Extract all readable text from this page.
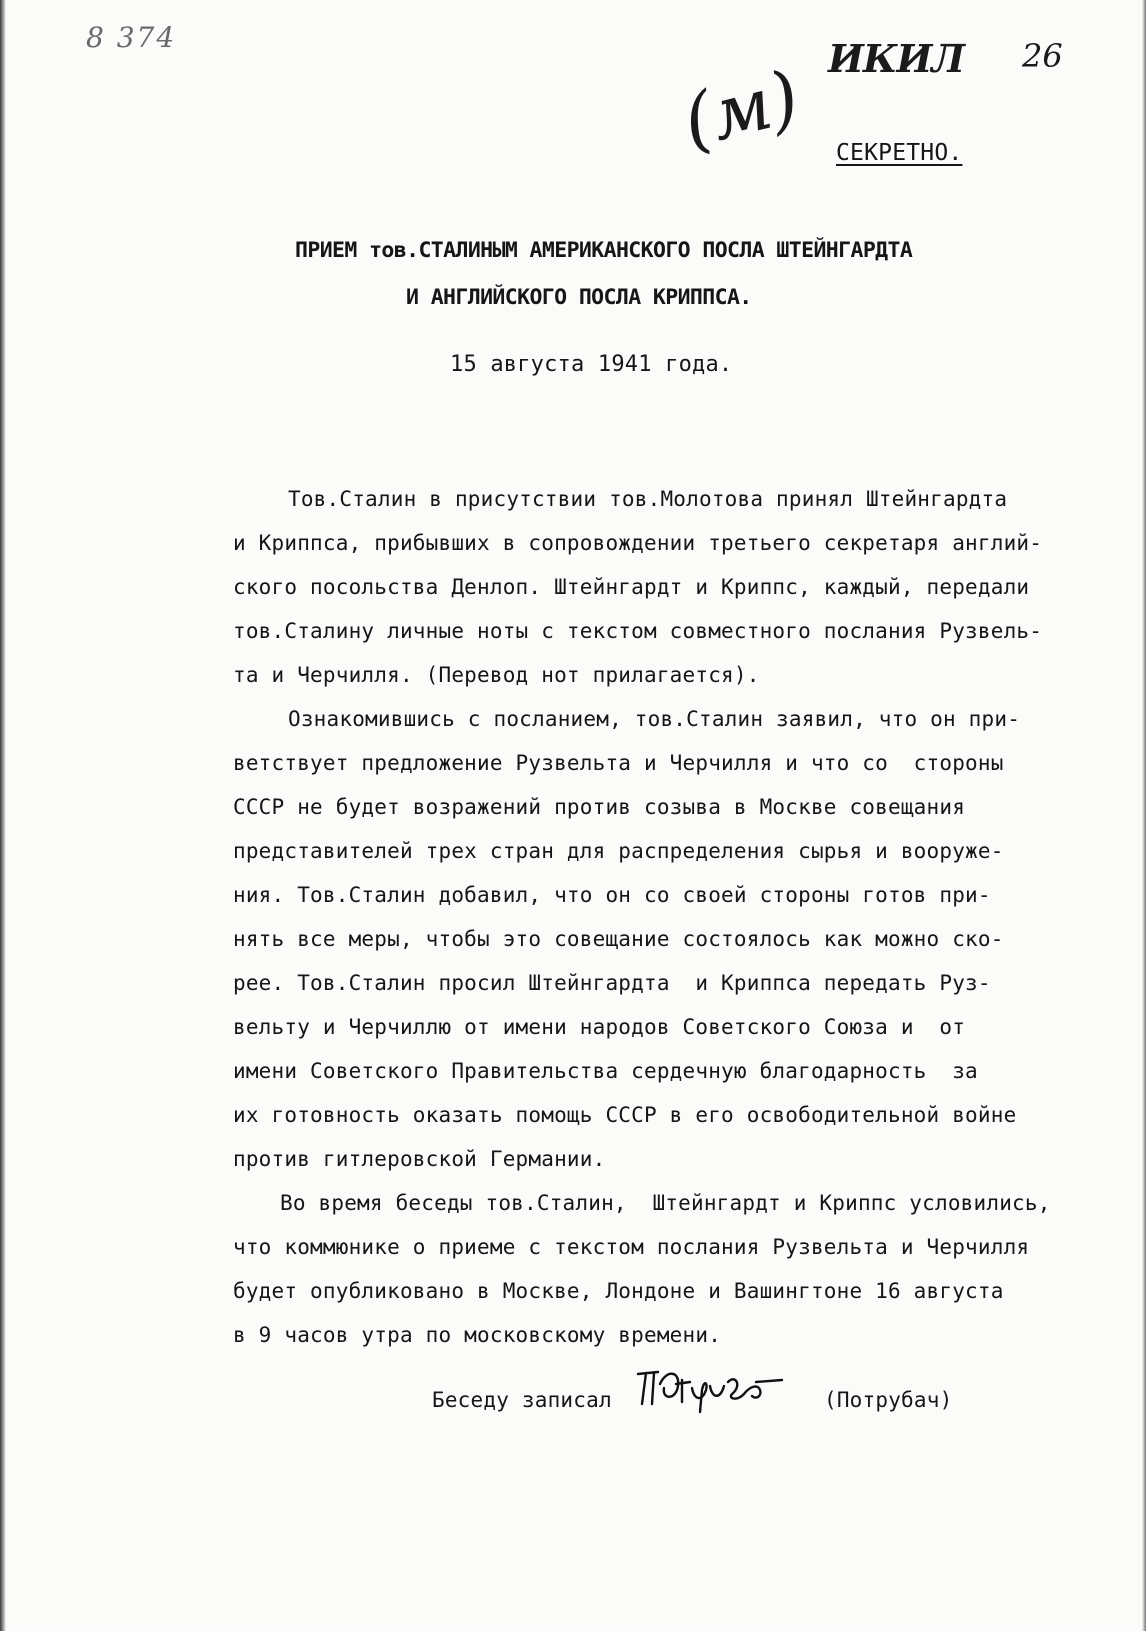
8 374	ИКИЛ 26
(м) СЕКРЕТНО.
ПРИЕМ тов.СТАЛИНЫМ АМЕРИКАНСКОГО ПОСЛА ШТЕЙНГАРДТА
И АНГЛИЙСКОГО ПОСЛА КРИППСА.
15 августа 1941 года.
Тов.Сталин в присутствии тов.Молотова принял Штейнгардта
и Криппса, прибывших в сопровождении третьего секретаря англий-
ского посольства Денлоп. Штейнгардт и Криппс, каждый, передали
тов.Сталину личные ноты с текстом совместного послания Рузвель-
та и Черчилля. (Перевод нот прилагается).
Ознакомившись с посланием, тов.Сталин заявил, что он при-
ветствует предложение Рузвельта и Черчилля и что со  стороны
СССР не будет возражений против созыва в Москве совещания
представителей трех стран для распределения сырья и вооруже-
ния. Тов.Сталин добавил, что он со своей стороны готов при-
нять все меры, чтобы это совещание состоялось как можно ско-
рее. Тов.Сталин просил Штейнгардта  и Криппса передать Руз-
вельту и Черчиллю от имени народов Советского Союза и  от
имени Советского Правительства сердечную благодарность  за
их готовность оказать помощь СССР в его освободительной войне
против гитлеровской Германии.
Во время беседы тов.Сталин,  Штейнгардт и Криппс условились,
что коммюнике о приеме с текстом послания Рузвельта и Черчилля
будет опубликовано в Москве, Лондоне и Вашингтоне 16 августа
в 9 часов утра по московскому времени.
Беседу записал	(Потрубач)
